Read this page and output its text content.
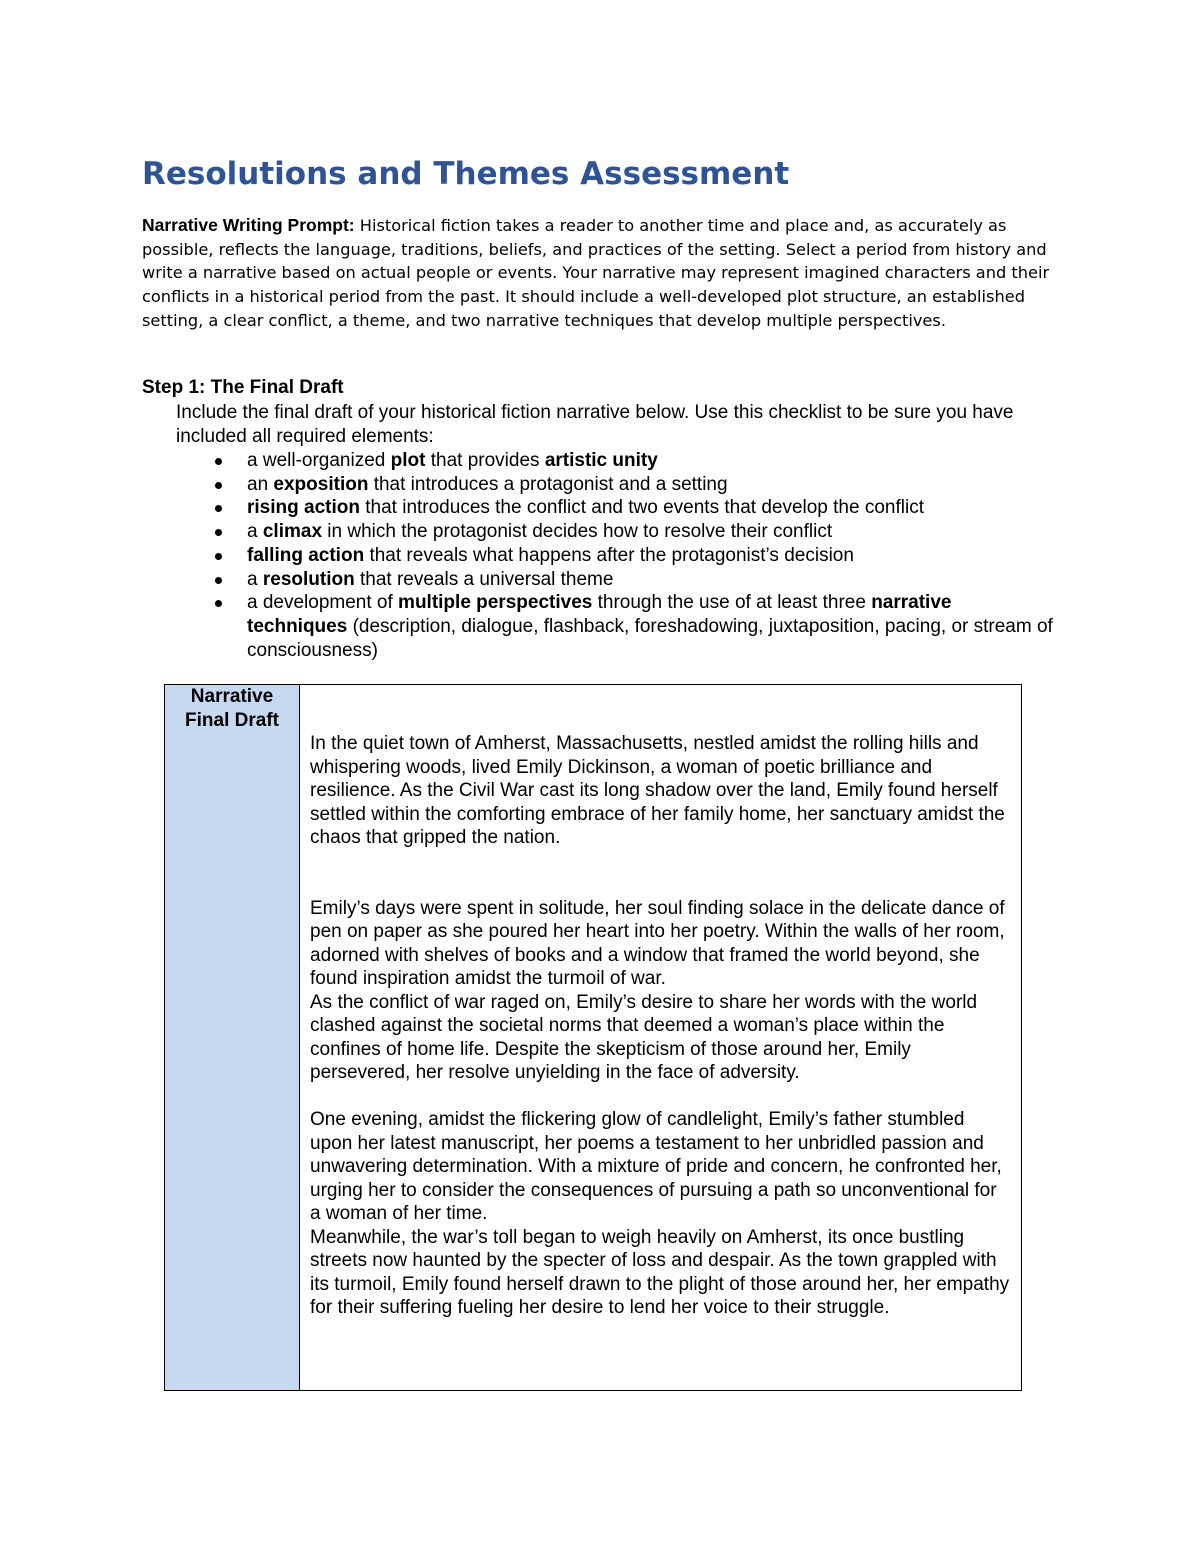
Resolutions and Themes Assessment

Narrative Writing Prompt: Historical fiction takes a reader to another time and place and, as accurately as possible, reflects the language, traditions, beliefs, and practices of the setting. Select a period from history and write a narrative based on actual people or events. Your narrative may represent imagined characters and their conflicts in a historical period from the past. It should include a well-developed plot structure, an established setting, a clear conflict, a theme, and two narrative techniques that develop multiple perspectives.

Step 1: The Final Draft

Include the final draft of your historical fiction narrative below. Use this checklist to be sure you have included all required elements:

a well-organized plot that provides artistic unity
an exposition that introduces a protagonist and a setting
rising action that introduces the conflict and two events that develop the conflict
a climax in which the protagonist decides how to resolve their conflict
falling action that reveals what happens after the protagonist’s decision
a resolution that reveals a universal theme
a development of multiple perspectives through the use of at least three narrative techniques (description, dialogue, flashback, foreshadowing, juxtaposition, pacing, or stream of consciousness)
Narrative
Final Draft

In the quiet town of Amherst, Massachusetts, nestled amidst the rolling hills and whispering woods, lived Emily Dickinson, a woman of poetic brilliance and resilience. As the Civil War cast its long shadow over the land, Emily found herself settled within the comforting embrace of her family home, her sanctuary amidst the chaos that gripped the nation.

Emily’s days were spent in solitude, her soul finding solace in the delicate dance of pen on paper as she poured her heart into her poetry. Within the walls of her room, adorned with shelves of books and a window that framed the world beyond, she found inspiration amidst the turmoil of war.

As the conflict of war raged on, Emily’s desire to share her words with the world clashed against the societal norms that deemed a woman’s place within the confines of home life. Despite the skepticism of those around her, Emily persevered, her resolve unyielding in the face of adversity.

One evening, amidst the flickering glow of candlelight, Emily’s father stumbled upon her latest manuscript, her poems a testament to her unbridled passion and unwavering determination. With a mixture of pride and concern, he confronted her, urging her to consider the consequences of pursuing a path so unconventional for a woman of her time.

Meanwhile, the war’s toll began to weigh heavily on Amherst, its once bustling streets now haunted by the specter of loss and despair. As the town grappled with its turmoil, Emily found herself drawn to the plight of those around her, her empathy for their suffering fueling her desire to lend her voice to their struggle.
